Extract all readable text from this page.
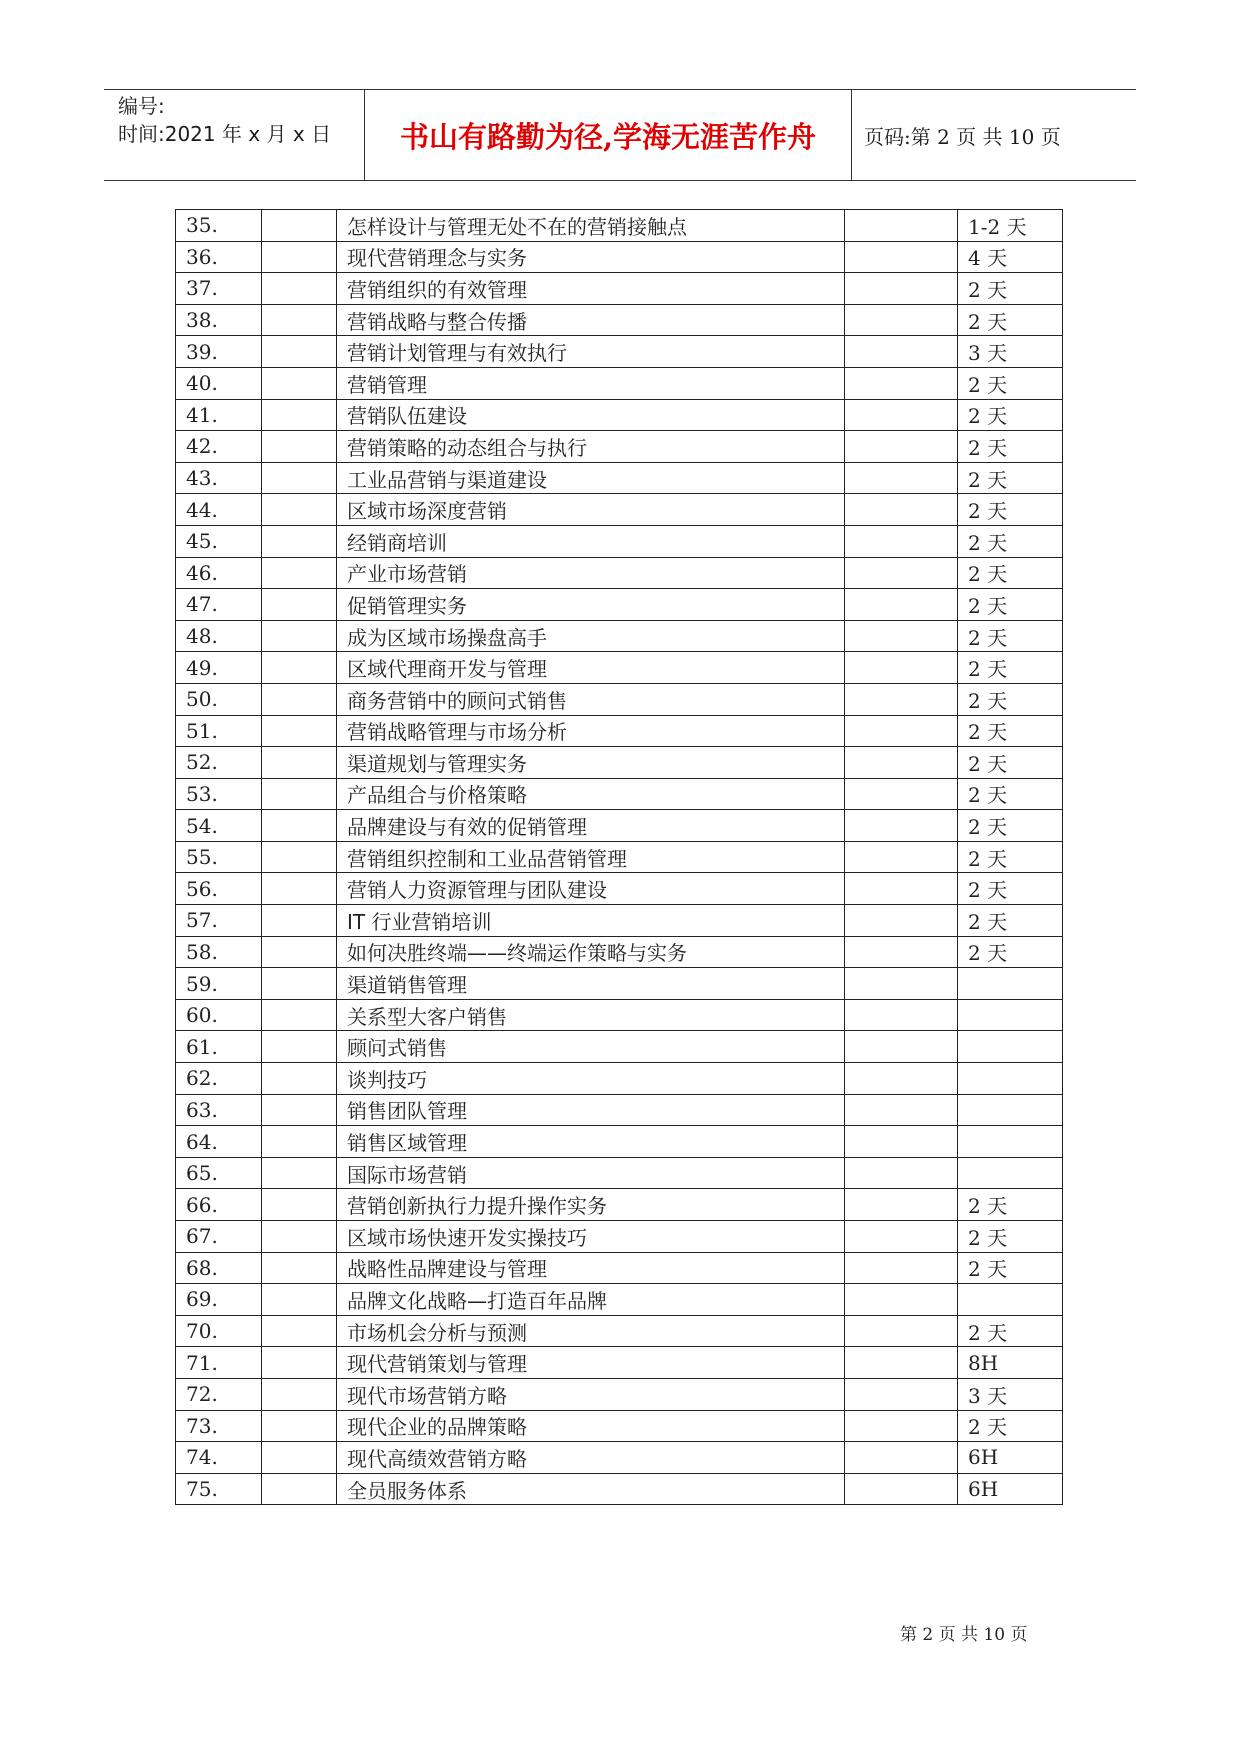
编号:
时间:2021 年 x 月 x 日	书山有路勤为径,学海无涯苦作舟	页码:第 2 页 共 10 页
35.		怎样设计与管理无处不在的营销接触点		1-2 天
36.		现代营销理念与实务		4 天
37.		营销组织的有效管理		2 天
38.		营销战略与整合传播		2 天
39.		营销计划管理与有效执行		3 天
40.		营销管理		2 天
41.		营销队伍建设		2 天
42.		营销策略的动态组合与执行		2 天
43.		工业品营销与渠道建设		2 天
44.		区域市场深度营销		2 天
45.		经销商培训		2 天
46.		产业市场营销		2 天
47.		促销管理实务		2 天
48.		成为区域市场操盘高手		2 天
49.		区域代理商开发与管理		2 天
50.		商务营销中的顾问式销售		2 天
51.		营销战略管理与市场分析		2 天
52.		渠道规划与管理实务		2 天
53.		产品组合与价格策略		2 天
54.		品牌建设与有效的促销管理		2 天
55.		营销组织控制和工业品营销管理		2 天
56.		营销人力资源管理与团队建设		2 天
57.		IT 行业营销培训		2 天
58.		如何决胜终端——终端运作策略与实务		2 天
59.		渠道销售管理		
60.		关系型大客户销售		
61.		顾问式销售		
62.		谈判技巧		
63.		销售团队管理		
64.		销售区域管理		
65.		国际市场营销		
66.		营销创新执行力提升操作实务		2 天
67.		区域市场快速开发实操技巧		2 天
68.		战略性品牌建设与管理		2 天
69.		品牌文化战略—打造百年品牌		
70.		市场机会分析与预测		2 天
71.		现代营销策划与管理		8H
72.		现代市场营销方略		3 天
73.		现代企业的品牌策略		2 天
74.		现代高绩效营销方略		6H
75.		全员服务体系		6H
第 2 页 共 10 页
